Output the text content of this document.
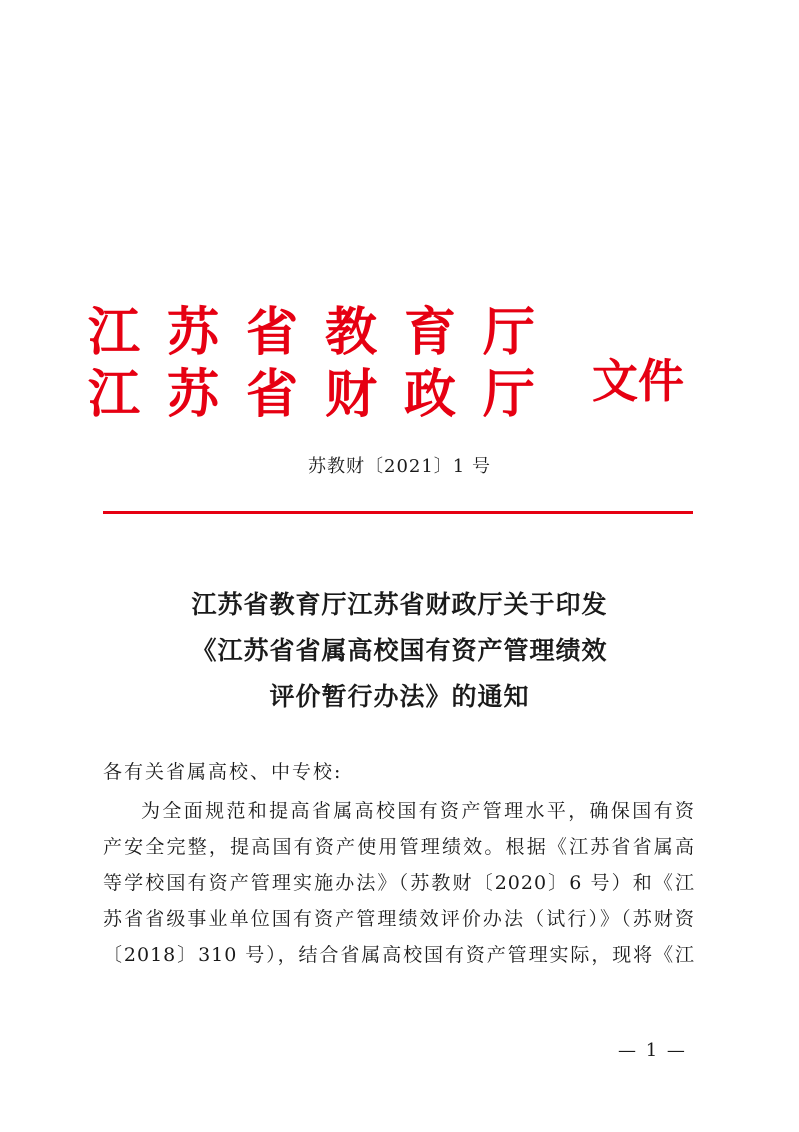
江苏省教育厅
江苏省财政厅 文件
苏教财〔2021〕1 号
江苏省教育厅江苏省财政厅关于印发
《江苏省省属高校国有资产管理绩效
评价暂行办法》的通知
各有关省属高校、中专校:
为全面规范和提高省属高校国有资产管理水平，确保国有资
产安全完整，提高国有资产使用管理绩效。根据《江苏省省属高
等学校国有资产管理实施办法》（苏教财〔2020〕6 号）和《江
苏省省级事业单位国有资产管理绩效评价办法（试行）》（苏财资
〔2018〕310 号），结合省属高校国有资产管理实际，现将《江
— 1 —
